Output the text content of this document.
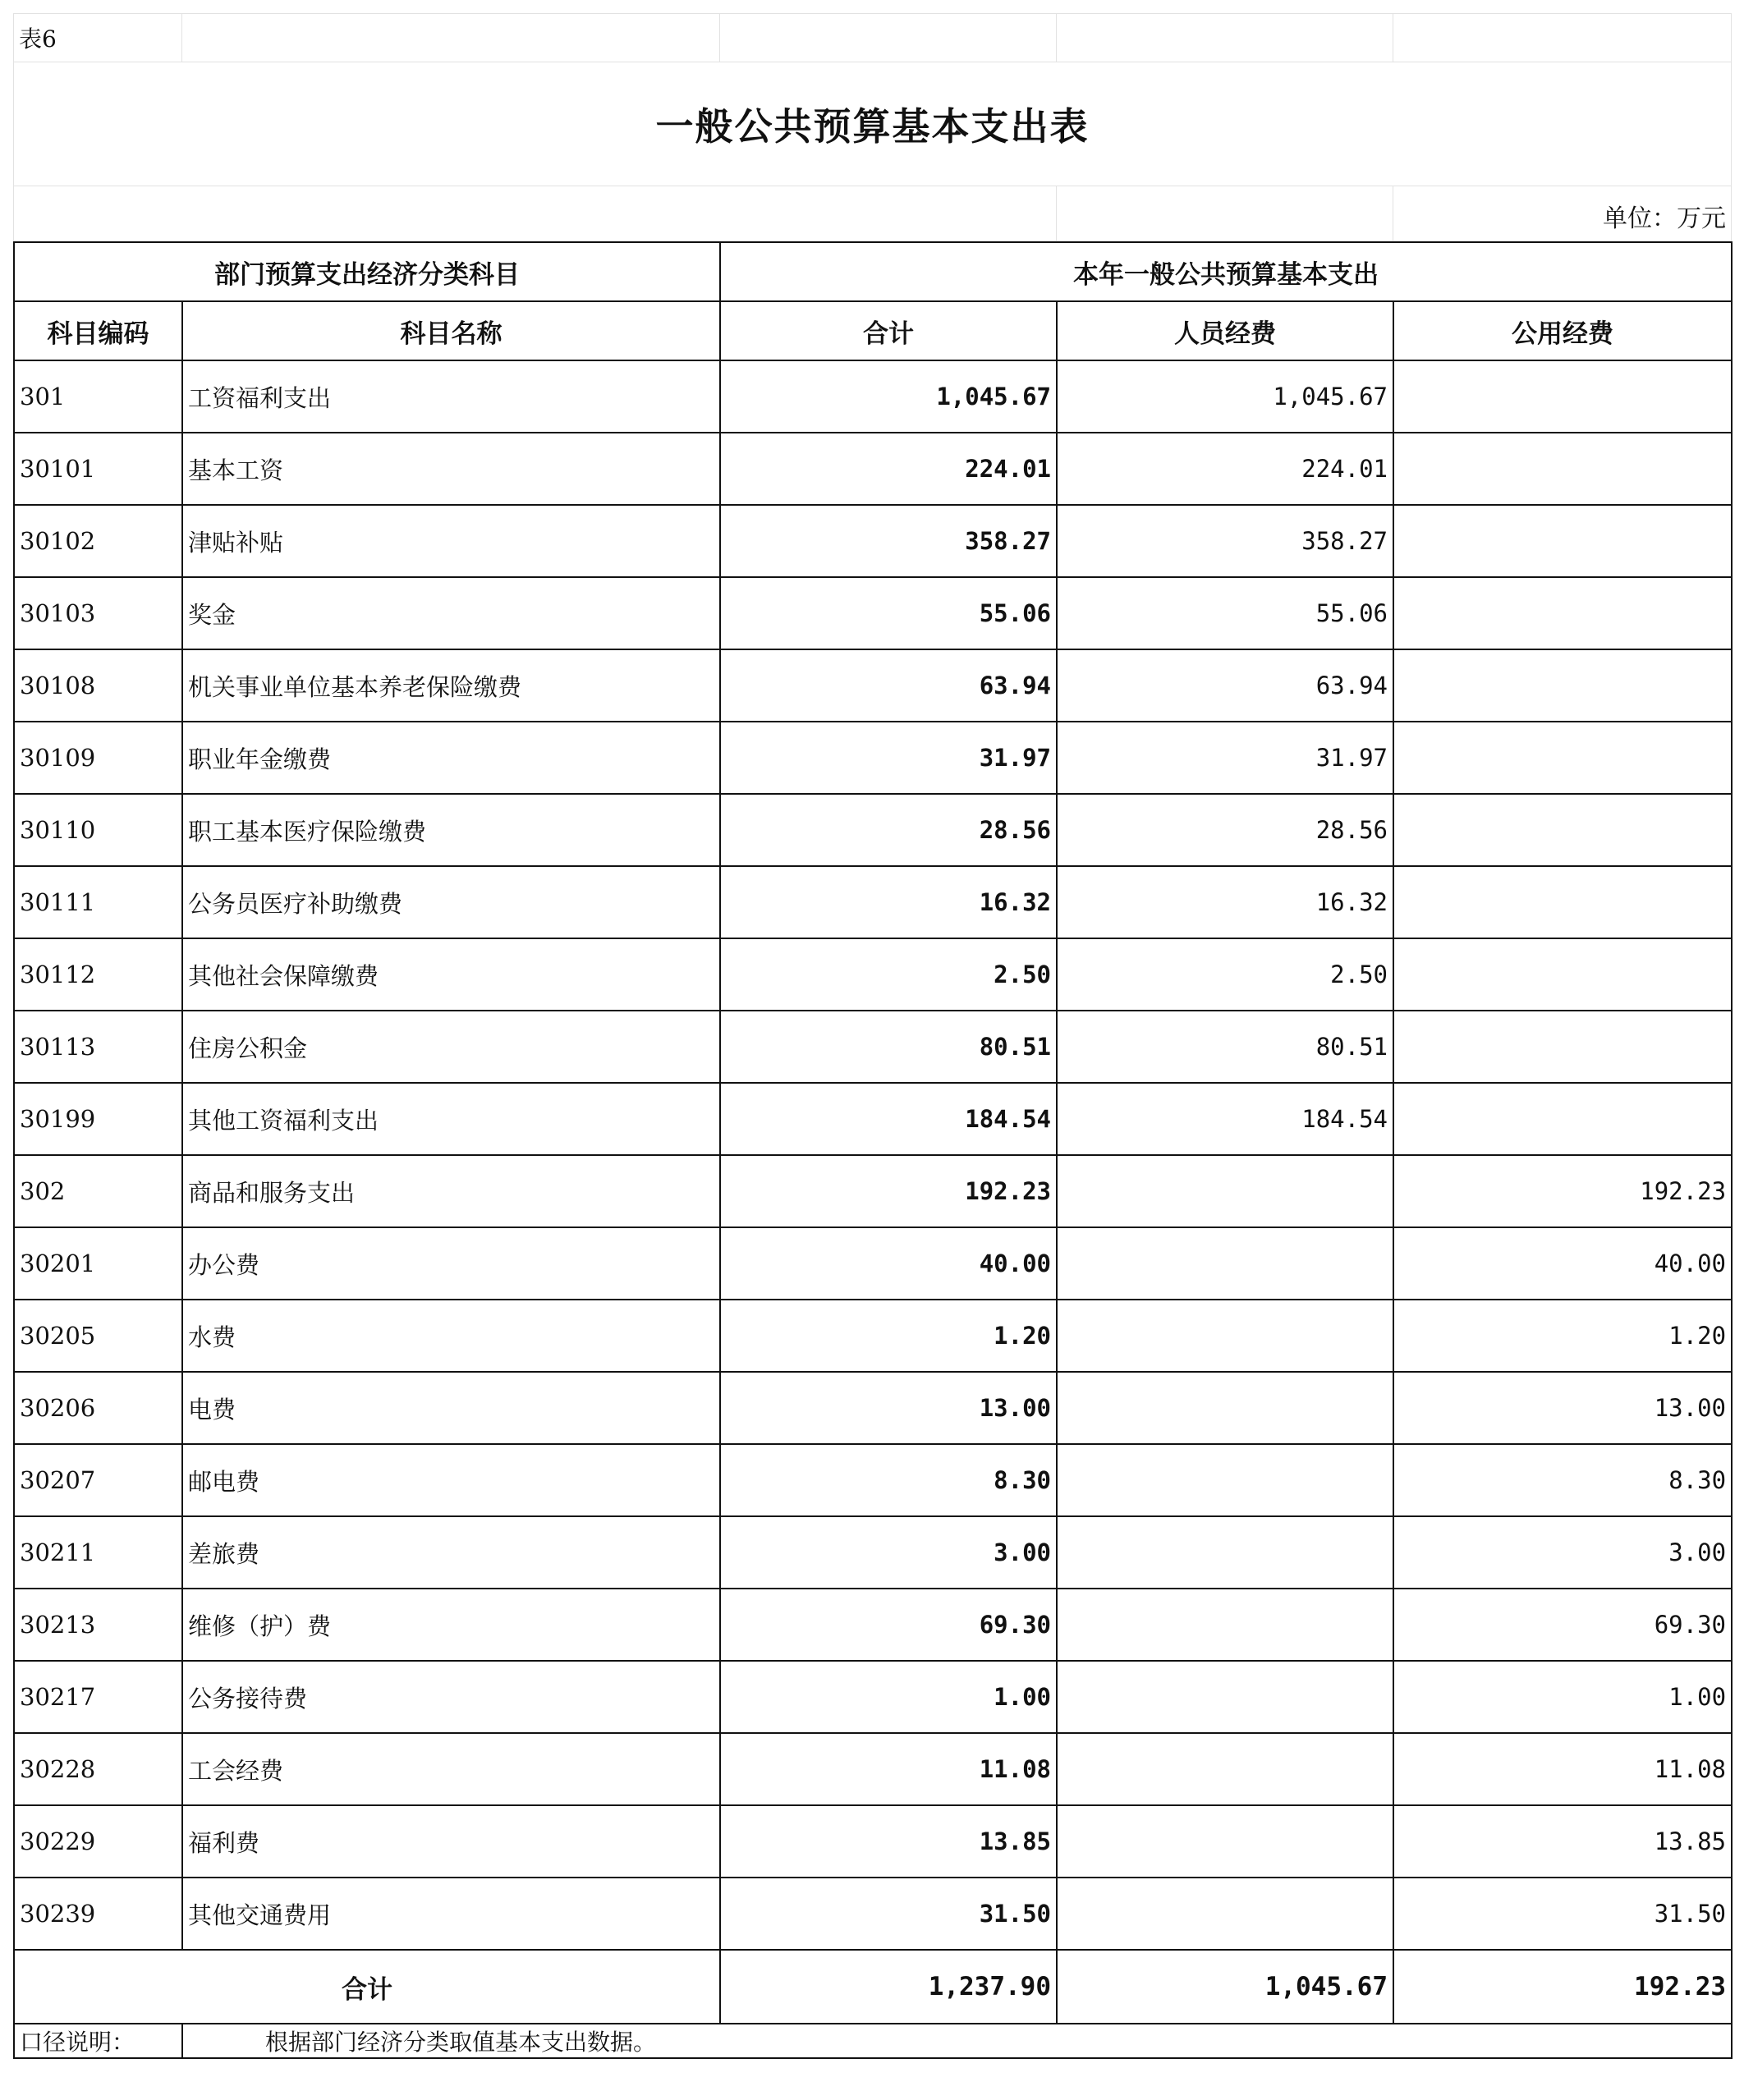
表6				
一般公共预算基本支出表				
				单位：万元
部门预算支出经济分类科目		本年一般公共预算基本支出		
科目编码	科目名称	合计	人员经费	公用经费
301	工资福利支出	1,045.67	1,045.67	
30101	基本工资	224.01	224.01	
30102	津贴补贴	358.27	358.27	
30103	奖金	55.06	55.06	
30108	机关事业单位基本养老保险缴费	63.94	63.94	
30109	职业年金缴费	31.97	31.97	
30110	职工基本医疗保险缴费	28.56	28.56	
30111	公务员医疗补助缴费	16.32	16.32	
30112	其他社会保障缴费	2.50	2.50	
30113	住房公积金	80.51	80.51	
30199	其他工资福利支出	184.54	184.54	
302	商品和服务支出	192.23		192.23
30201	办公费	40.00		40.00
30205	水费	1.20		1.20
30206	电费	13.00		13.00
30207	邮电费	8.30		8.30
30211	差旅费	3.00		3.00
30213	维修（护）费	69.30		69.30
30217	公务接待费	1.00		1.00
30228	工会经费	11.08		11.08
30229	福利费	13.85		13.85
30239	其他交通费用	31.50		31.50
合计		1,237.90	1,045.67	192.23
口径说明：	根据部门经济分类取值基本支出数据。
